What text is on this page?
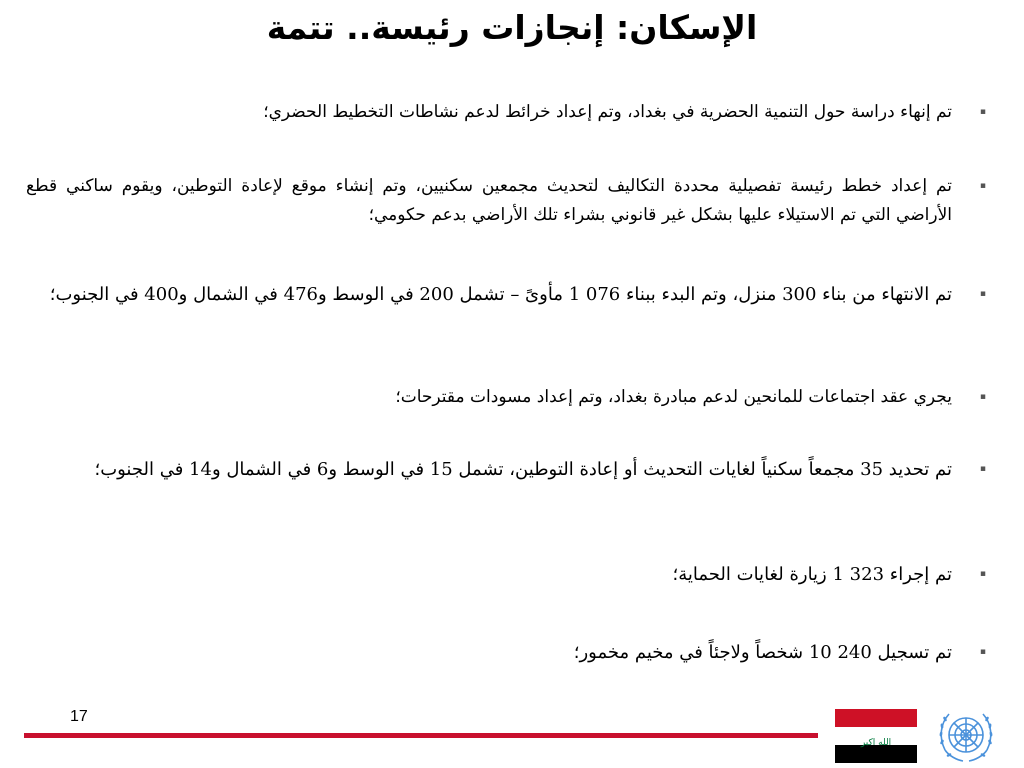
الإسكان: إنجازات رئيسة.. تتمة
▪
تم إنهاء دراسة حول التنمية الحضرية في بغداد، وتم إعداد خرائط لدعم نشاطات التخطيط الحضري؛
▪
تم إعداد خطط رئيسة تفصيلية محددة التكاليف لتحديث مجمعين سكنيين، وتم إنشاء موقع لإعادة التوطين، ويقوم ساكني قطع الأراضي التي تم الاستيلاء عليها بشكل غير قانوني بشراء تلك الأراضي بدعم حكومي؛
▪
تم الانتهاء من بناء 300 منزل، وتم البدء ببناء 076 1 مأوىً – تشمل 200 في الوسط و476 في الشمال و400 في الجنوب؛
▪
يجري عقد اجتماعات للمانحين لدعم مبادرة بغداد، وتم إعداد مسودات مقترحات؛
▪
تم تحديد 35 مجمعاً سكنياً لغايات التحديث أو إعادة التوطين، تشمل 15 في الوسط و6 في الشمال و14 في الجنوب؛
▪
تم إجراء 323 1 زيارة لغايات الحماية؛
▪
تم تسجيل 240 10 شخصاً ولاجئاً في مخيم مخمور؛
17
الله اكبر
